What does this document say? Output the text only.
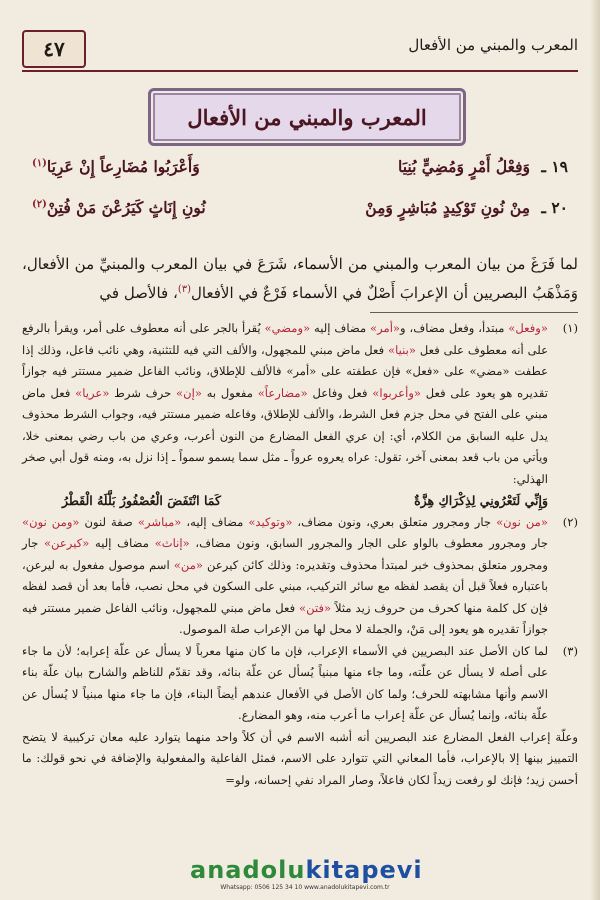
٤٧	المعرب والمبني من الأفعال
المعرب والمبني من الأفعال
١٩ ـ
وَفِعْلُ أَمْرٍ وَمُضِيٍّ بُنِيَا
وَأَعْرَبُوا مُضَارِعاً إِنْ عَرِيَا$^{(١)}$
٢٠ ـ
مِنْ نُونِ تَوْكِيدٍ مُبَاشِرٍ وَمِنْ
نُونِ إِنَاثٍ كَيَرُعْنَ مَنْ فُتِنْ$^{(٢)}$

لما فَرَغَ من بيان المعرب والمبني من الأسماء، شَرَعَ في بيان المعرب والمبنيِّ من الأفعال، وَمَذْهَبُ البصريين أن الإعرابَ أَصْلٌ في الأسماء فَرْعٌ في الأفعال$^{(٣)}$، فالأصل في

(١)
«وفعل» مبتدأ، وفعل مضاف، و«أمر» مضاف إليه «ومضي» يُقرأ بالجر على أنه معطوف على أمر، ويقرأ بالرفع على أنه معطوف على فعل «بنيا» فعل ماض مبني للمجهول، والألف التي فيه للتثنية، وهي نائب فاعل، وذلك إذا عطفت «مضي» على «فعل» فإن عطفته على «أمر» فالألف للإطلاق، ونائب الفاعل ضمير مستتر فيه جوازاً تقديره هو يعود على فعل «وأعربوا» فعل وفاعل «مضارعاً» مفعول به «إن» حرف شرط «عريا» فعل ماض مبني على الفتح في محل جزم فعل الشرط، والألف للإطلاق، وفاعله ضمير مستتر فيه، وجواب الشرط محذوف يدل عليه السابق من الكلام، أي: إن عري الفعل المضارع من النون أعرب، وعري من باب رضي بمعنى خلا، ويأتي من باب قعد بمعنى آخر، تقول: عراه يعروه عرواً ـ مثل سما يسمو سمواً ـ إذا نزل به، ومنه قول أبي صخر الهذلي:

وَإِنِّي لَتَعْرُونِي لِذِكْرَاكِ هِزَّةٌ
كَمَا انْتَفَضَ الْعُصْفُورُ بَلَّلَهُ الْقَطْرُ

(٢)
«من نون» جار ومجرور متعلق بعري، ونون مضاف، «وتوكيد» مضاف إليه، «مباشر» صفة لنون «ومن نون» جار ومجرور معطوف بالواو على الجار والمجرور السابق، ونون مضاف، «إناث» مضاف إليه «كيرعن» جار ومجرور متعلق بمحذوف خبر لمبتدأ محذوف وتقديره: وذلك كائن كيرعن «من» اسم موصول مفعول به ليرعن، باعتباره فعلاً قبل أن يقصد لفظه مع سائر التركيب، مبني على السكون في محل نصب، فأما بعد أن قصد لفظه فإن كل كلمة منها كحرف من حروف زيد مثلاً «فتن» فعل ماض مبني للمجهول، ونائب الفاعل ضمير مستتر فيه جوازاً تقديره هو يعود إلى مَنْ، والجملة لا محل لها من الإعراب صلة الموصول.

(٣)
لما كان الأصل عند البصريين في الأسماء الإعراب، فإن ما كان منها معرباً لا يسأل عن علّة إعرابه؛ لأن ما جاء على أصله لا يسأل عن علّته، وما جاء منها مبنياً يُسأل عن علّة بنائه، وقد تقدّم للناظم والشارح بيان علّة بناء الاسم وأنها مشابهته للحرف؛ ولما كان الأصل في الأفعال عندهم أيضاً البناء، فإن ما جاء منها مبنياً لا يُسأل عن علّة بنائه، وإنما يُسأل عن علّة إعراب ما أعرب منه، وهو المضارع.

وعلّة إعراب الفعل المضارع عند البصريين أنه أشبه الاسم في أن كلاً واحد منهما يتوارد عليه معان تركيبية لا يتضح التمييز بينها إلا بالإعراب، فأما المعاني التي تتوارد على الاسم، فمثل الفاعلية والمفعولية والإضافة في نحو قولك: ما أحسن زيد؛ فإنك لو رفعت زيداً لكان فاعلاً، وصار المراد نفي إحسانه، ولو=

anadolukitapevi
Whatsapp: 0506 125 34 10 www.anadolukitapevi.com.tr
